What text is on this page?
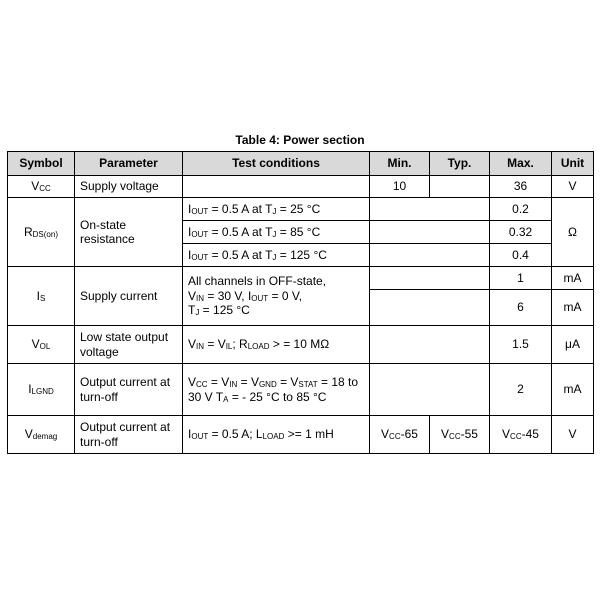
Table 4: Power section
Symbol	Parameter	Test conditions	Min.	Typ.	Max.	Unit
$V_{CC}$	Supply voltage		10		36	V
$R_{DS(on)}$	On-state resistance	$I_{OUT} = 0.5$ A at $T_J = 25$ °C			0.2	Ω
		$I_{OUT} = 0.5$ A at $T_J = 85$ °C			0.32	
		$I_{OUT} = 0.5$ A at $T_J = 125$ °C			0.4	
$I_S$	Supply current	All channels in OFF-state,
$V_{IN} = 30$ V, $I_{OUT} = 0$ V,
$T_J = 125$ °C			1	mA
					6	mA
$V_{OL}$	Low state output voltage	$V_{IN} = V_{IL}$; $R_{LOAD}$ > = 10 MΩ			1.5	μA
$I_{LGND}$	Output current at turn-off	$V_{CC} = V_{IN} = V_{GND} = V_{STAT} = 18$ to 30 V $T_A$ = - 25 °C to 85 °C			2	mA
$V_{demag}$	Output current at turn-off	$I_{OUT} = 0.5$ A; $L_{LOAD} >= 1$ mH	$V_{CC}-65$	$V_{CC}-55$	$V_{CC}-45$	V
